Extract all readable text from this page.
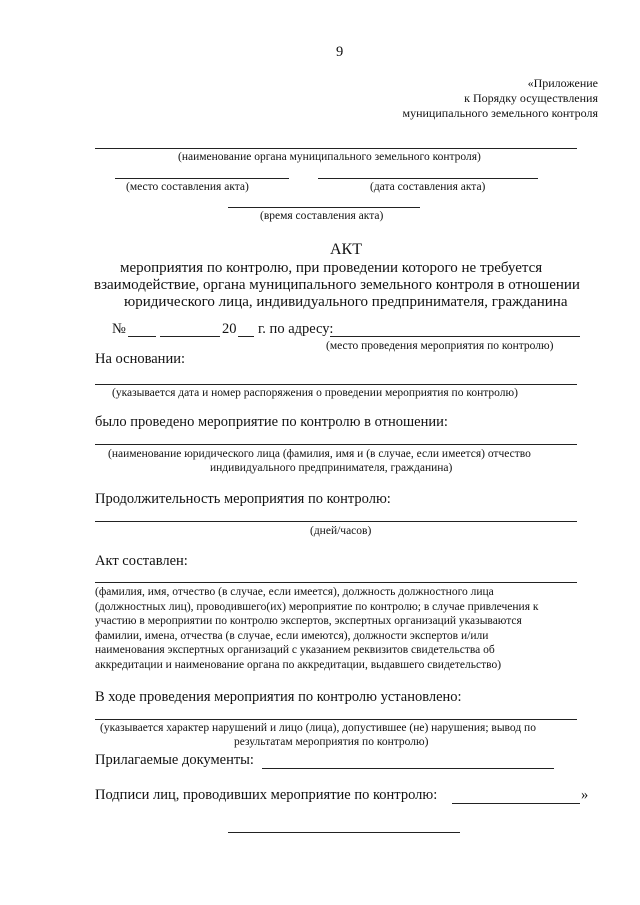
9
«Приложение
к Порядку осуществления
муниципального земельного контроля
(наименование органа муниципального земельного контроля)
(место составления акта)	(дата составления акта)
(время составления акта)
АКТ
мероприятия по контролю, при проведении которого не требуется
взаимодействие, органа муниципального земельного контроля в отношении
юридического лица, индивидуального предпринимателя, гражданина
№	20 г. по адресу:
(место проведения мероприятия по контролю)
На основании:
(указывается дата и номер распоряжения о проведении мероприятия по контролю)
было проведено мероприятие по контролю в отношении:
(наименование юридического лица (фамилия, имя и (в случае, если имеется) отчество
индивидуального предпринимателя, гражданина)
Продолжительность мероприятия по контролю:
(дней/часов)
Акт составлен:
(фамилия, имя, отчество (в случае, если имеется), должность должностного лица
(должностных лиц), проводившего(их) мероприятие по контролю; в случае привлечения к
участию в мероприятии по контролю экспертов, экспертных организаций указываются
фамилии, имена, отчества (в случае, если имеются), должности экспертов и/или
наименования экспертных организаций с указанием реквизитов свидетельства об
аккредитации и наименование органа по аккредитации, выдавшего свидетельство)
В ходе проведения мероприятия по контролю установлено:
(указывается характер нарушений и лицо (лица), допустившее (не) нарушения; вывод по
результатам мероприятия по контролю)
Прилагаемые документы:
Подписи лиц, проводивших мероприятие по контролю:	»
